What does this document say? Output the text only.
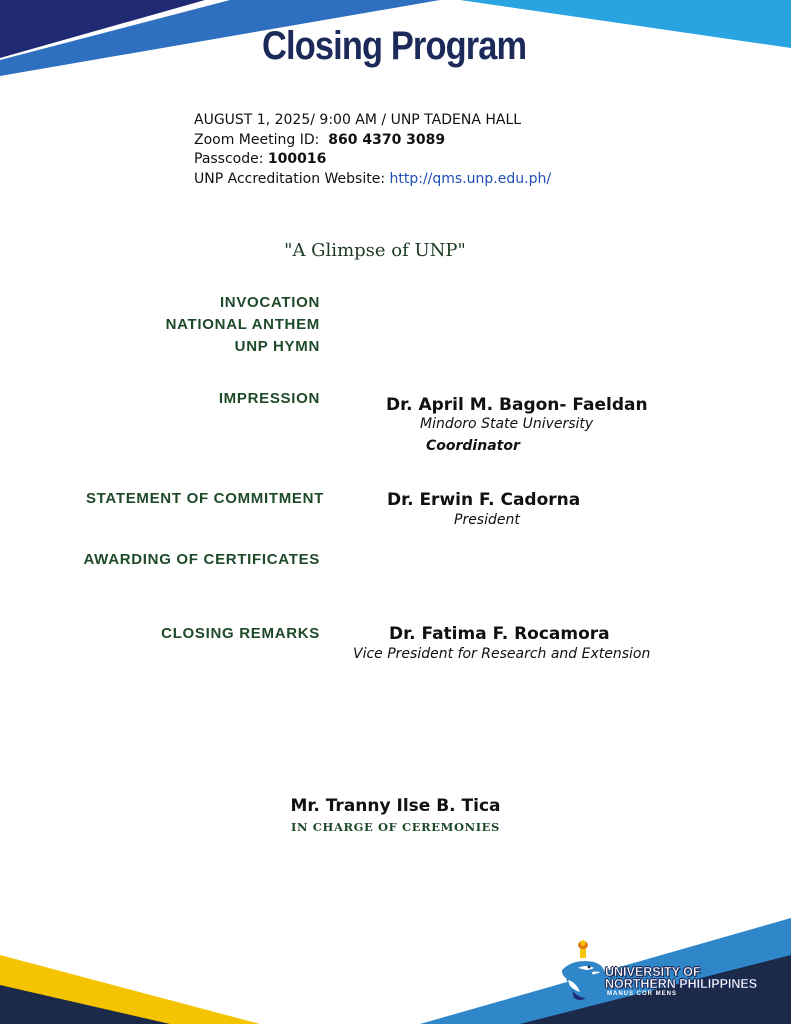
Closing Program
AUGUST 1, 2025/ 9:00 AM / UNP TADENA HALL
Zoom Meeting ID: 860 4370 3089
Passcode: 100016
UNP Accreditation Website: http://qms.unp.edu.ph/
"A Glimpse of UNP"
INVOCATION
NATIONAL ANTHEM
UNP HYMN
IMPRESSION	Dr. April M. Bagon- Faeldan
Mindoro State University
Coordinator
STATEMENT OF COMMITMENT	Dr. Erwin F. Cadorna
President
AWARDING OF CERTIFICATES
CLOSING REMARKS	Dr. Fatima F. Rocamora
Vice President for Research and Extension
Mr. Tranny Ilse B. Tica
IN CHARGE OF CEREMONIES
UNIVERSITY OF
NORTHERN PHILIPPINES
MANUS COR MENS
